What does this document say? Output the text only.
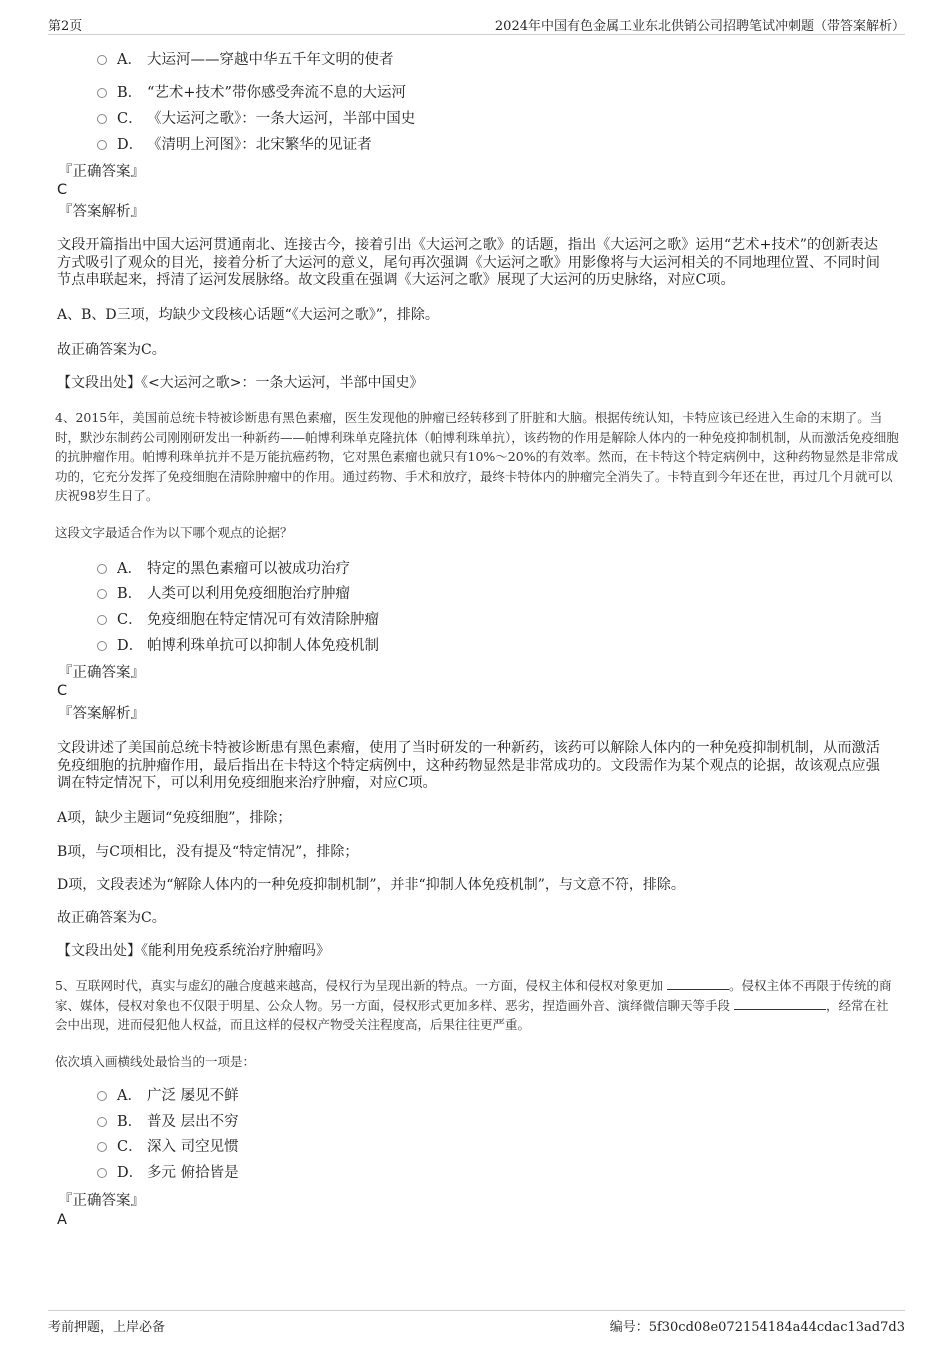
第2页	2024年中国有色金属工业东北供销公司招聘笔试冲刺题（带答案解析）
A． 大运河——穿越中华五千年文明的使者
B． “艺术+技术”带你感受奔流不息的大运河
C． 《大运河之歌》：一条大运河，半部中国史
D． 《清明上河图》：北宋繁华的见证者
『正确答案』
C
『答案解析』
文段开篇指出中国大运河贯通南北、连接古今，接着引出《大运河之歌》的话题，指出《大运河之歌》运用“艺术+技术”的创新表达方式吸引了观众的目光，接着分析了大运河的意义，尾句再次强调《大运河之歌》用影像将与大运河相关的不同地理位置、不同时间节点串联起来，捋清了运河发展脉络。故文段重在强调《大运河之歌》展现了大运河的历史脉络，对应C项。
A、B、D三项，均缺少文段核心话题“《大运河之歌》”，排除。
故正确答案为C。
【文段出处】《<大运河之歌>：一条大运河，半部中国史》
4、2015年，美国前总统卡特被诊断患有黑色素瘤，医生发现他的肿瘤已经转移到了肝脏和大脑。根据传统认知，卡特应该已经进入生命的末期了。当时，默沙东制药公司刚刚研发出一种新药——帕博利珠单克隆抗体（帕博利珠单抗），该药物的作用是解除人体内的一种免疫抑制机制，从而激活免疫细胞的抗肿瘤作用。帕博利珠单抗并不是万能抗癌药物，它对黑色素瘤也就只有10%～20%的有效率。然而，在卡特这个特定病例中，这种药物显然是非常成功的，它充分发挥了免疫细胞在清除肿瘤中的作用。通过药物、手术和放疗，最终卡特体内的肿瘤完全消失了。卡特直到今年还在世，再过几个月就可以庆祝98岁生日了。
这段文字最适合作为以下哪个观点的论据？
A． 特定的黑色素瘤可以被成功治疗
B． 人类可以利用免疫细胞治疗肿瘤
C． 免疫细胞在特定情况可有效清除肿瘤
D． 帕博利珠单抗可以抑制人体免疫机制
『正确答案』
C
『答案解析』
文段讲述了美国前总统卡特被诊断患有黑色素瘤，使用了当时研发的一种新药，该药可以解除人体内的一种免疫抑制机制，从而激活免疫细胞的抗肿瘤作用，最后指出在卡特这个特定病例中，这种药物显然是非常成功的。文段需作为某个观点的论据，故该观点应强调在特定情况下，可以利用免疫细胞来治疗肿瘤，对应C项。
A项，缺少主题词“免疫细胞”，排除；
B项，与C项相比，没有提及“特定情况”，排除；
D项，文段表述为“解除人体内的一种免疫抑制机制”，并非“抑制人体免疫机制”，与文意不符，排除。
故正确答案为C。
【文段出处】《能利用免疫系统治疗肿瘤吗》
5、互联网时代，真实与虚幻的融合度越来越高，侵权行为呈现出新的特点。一方面，侵权主体和侵权对象更加	。侵权主体不再限于传统的商家、媒体，侵权对象也不仅限于明星、公众人物。另一方面，侵权形式更加多样、恶劣，捏造画外音、演绎微信聊天等手段	，经常在社会中出现，进而侵犯他人权益，而且这样的侵权产物受关注程度高，后果往往更严重。
依次填入画横线处最恰当的一项是：
A． 广泛 屡见不鲜
B． 普及 层出不穷
C． 深入 司空见惯
D． 多元 俯拾皆是
『正确答案』
A
考前押题，上岸必备	编号：5f30cd08e072154184a44cdac13ad7d3
